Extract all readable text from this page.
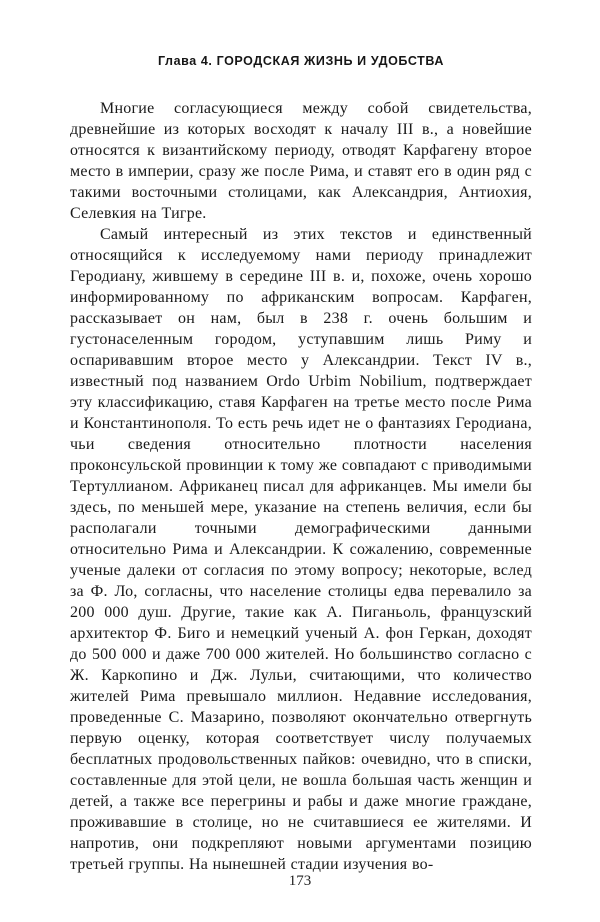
Глава 4. ГОРОДСКАЯ ЖИЗНЬ И УДОБСТВА

Многие согласующиеся между собой свидетельства, древнейшие из которых восходят к началу III в., а новейшие относятся к византийскому периоду, отводят Карфагену второе место в империи, сразу же после Рима, и ставят его в один ряд с такими восточными столицами, как Александрия, Антиохия, Селевкия на Тигре.

Самый интересный из этих текстов и единственный относящийся к исследуемому нами периоду принадлежит Геродиану, жившему в середине III в. и, похоже, очень хорошо информированному по африканским вопросам. Карфаген, рассказывает он нам, был в 238 г. очень большим и густонаселенным городом, уступавшим лишь Риму и оспаривавшим второе место у Александрии. Текст IV в., известный под названием Ordo Urbim Nobilium, подтверждает эту классификацию, ставя Карфаген на третье место после Рима и Константинополя. То есть речь идет не о фантазиях Геродиана, чьи сведения относительно плотности населения проконсульской провинции к тому же совпадают с приводимыми Тертуллианом. Африканец писал для африканцев. Мы имели бы здесь, по меньшей мере, указание на степень величия, если бы располагали точными демографическими данными относительно Рима и Александрии. К сожалению, современные ученые далеки от согласия по этому вопросу; некоторые, вслед за Ф. Ло, согласны, что население столицы едва перевалило за 200 000 душ. Другие, такие как А. Пиганьоль, французский архитектор Ф. Биго и немецкий ученый А. фон Геркан, доходят до 500 000 и даже 700 000 жителей. Но большинство согласно с Ж. Каркопино и Дж. Лульи, считающими, что количество жителей Рима превышало миллион. Недавние исследования, проведенные С. Мазарино, позволяют окончательно отвергнуть первую оценку, которая соответствует числу получаемых бесплатных продовольственных пайков: очевидно, что в списки, составленные для этой цели, не вошла большая часть женщин и детей, а также все перегрины и рабы и даже многие граждане, проживавшие в столице, но не считавшиеся ее жителями. И напротив, они подкрепляют новыми аргументами позицию третьей группы. На нынешней стадии изучения во-

173
